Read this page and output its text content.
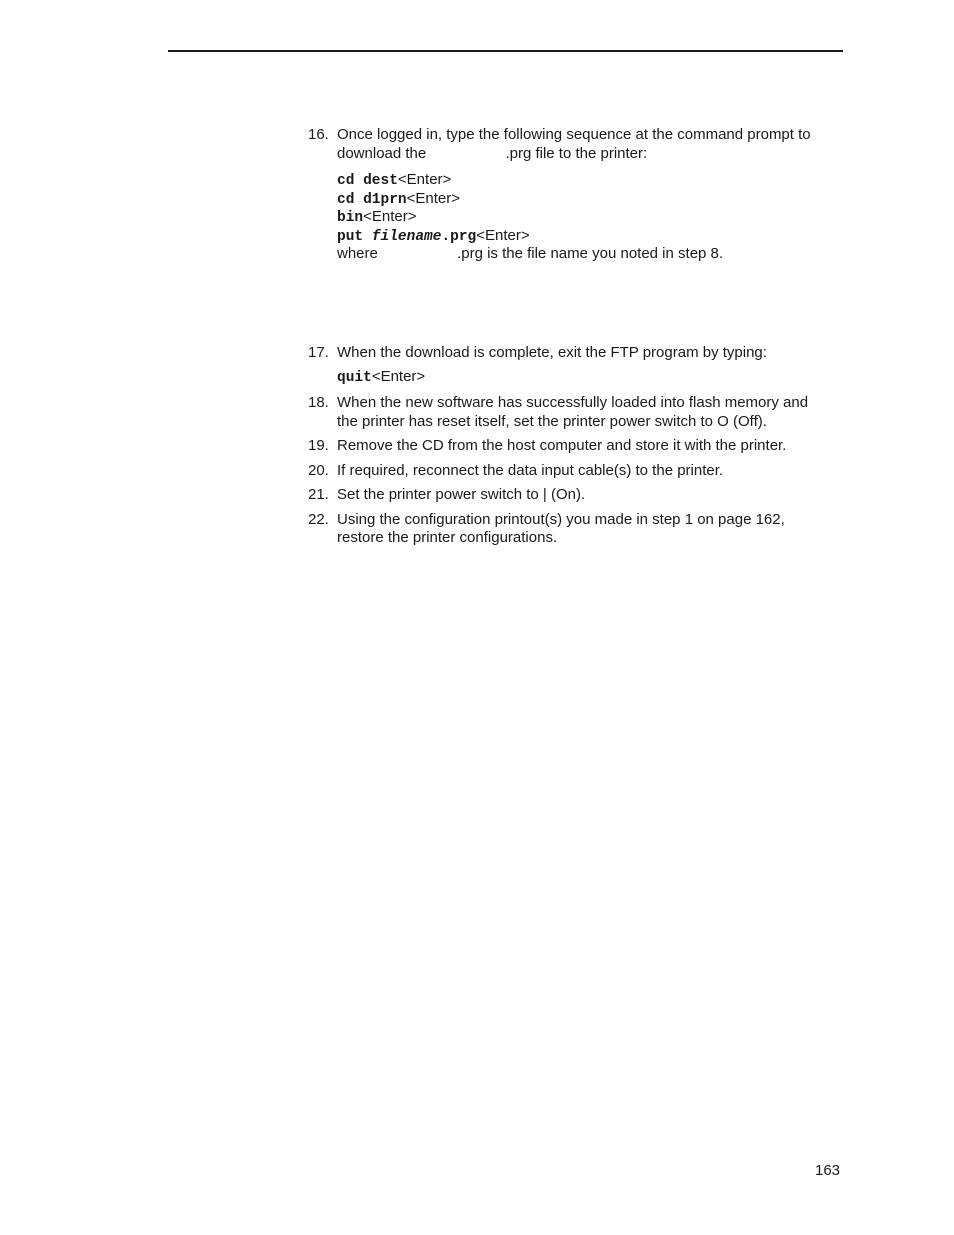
16. Once logged in, type the following sequence at the command prompt to
download the	.prg file to the printer:
cd dest<Enter>
cd d1prn<Enter>
bin<Enter>
put filename.prg<Enter>
where	.prg is the file name you noted in step 8.
17. When the download is complete, exit the FTP program by typing:
quit<Enter>
18. When the new software has successfully loaded into flash memory and
the printer has reset itself, set the printer power switch to O (Off).
19. Remove the CD from the host computer and store it with the printer.
20. If required, reconnect the data input cable(s) to the printer.
21. Set the printer power switch to | (On).
22. Using the configuration printout(s) you made in step 1 on page 162,
restore the printer configurations.
163
